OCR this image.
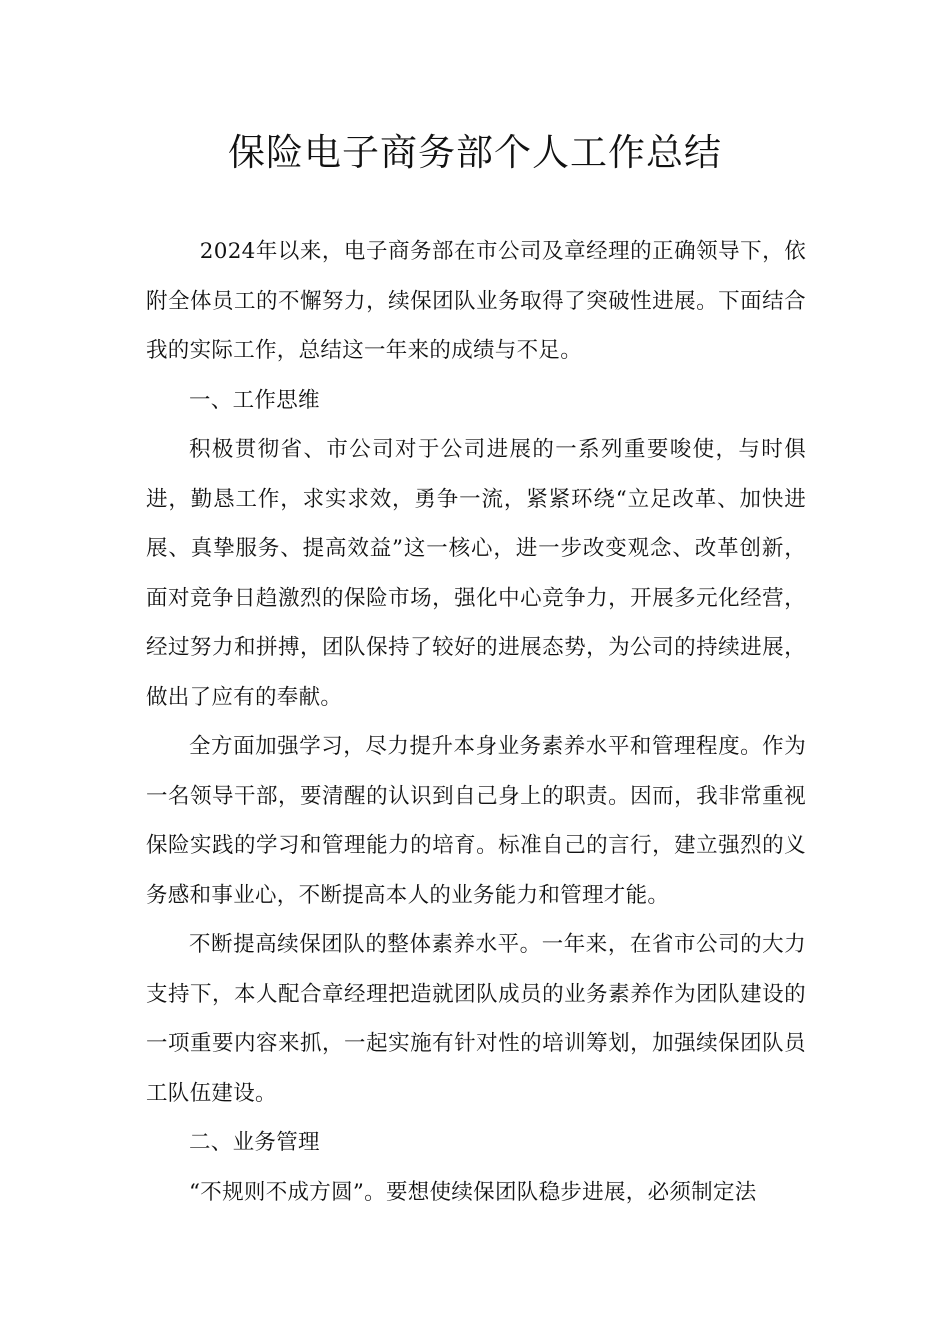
保险电子商务部个人工作总结

2024年以来，电子商务部在市公司及章经理的正确领导下，依附全体员工的不懈努力，续保团队业务取得了突破性进展。下面结合我的实际工作，总结这一年来的成绩与不足。

一、工作思维

积极贯彻省、市公司对于公司进展的一系列重要唆使，与时俱进，勤恳工作，求实求效，勇争一流，紧紧环绕“立足改革、加快进展、真挚服务、提高效益”这一核心，进一步改变观念、改革创新，面对竞争日趋激烈的保险市场，强化中心竞争力，开展多元化经营，经过努力和拼搏，团队保持了较好的进展态势，为公司的持续进展，做出了应有的奉献。

全方面加强学习，尽力提升本身业务素养水平和管理程度。作为一名领导干部，要清醒的认识到自己身上的职责。因而，我非常重视保险实践的学习和管理能力的培育。标准自己的言行，建立强烈的义务感和事业心，不断提高本人的业务能力和管理才能。

不断提高续保团队的整体素养水平。一年来，在省市公司的大力支持下，本人配合章经理把造就团队成员的业务素养作为团队建设的一项重要内容来抓，一起实施有针对性的培训筹划，加强续保团队员工队伍建设。

二、业务管理

“不规则不成方圆”。要想使续保团队稳步进展，必须制定法
